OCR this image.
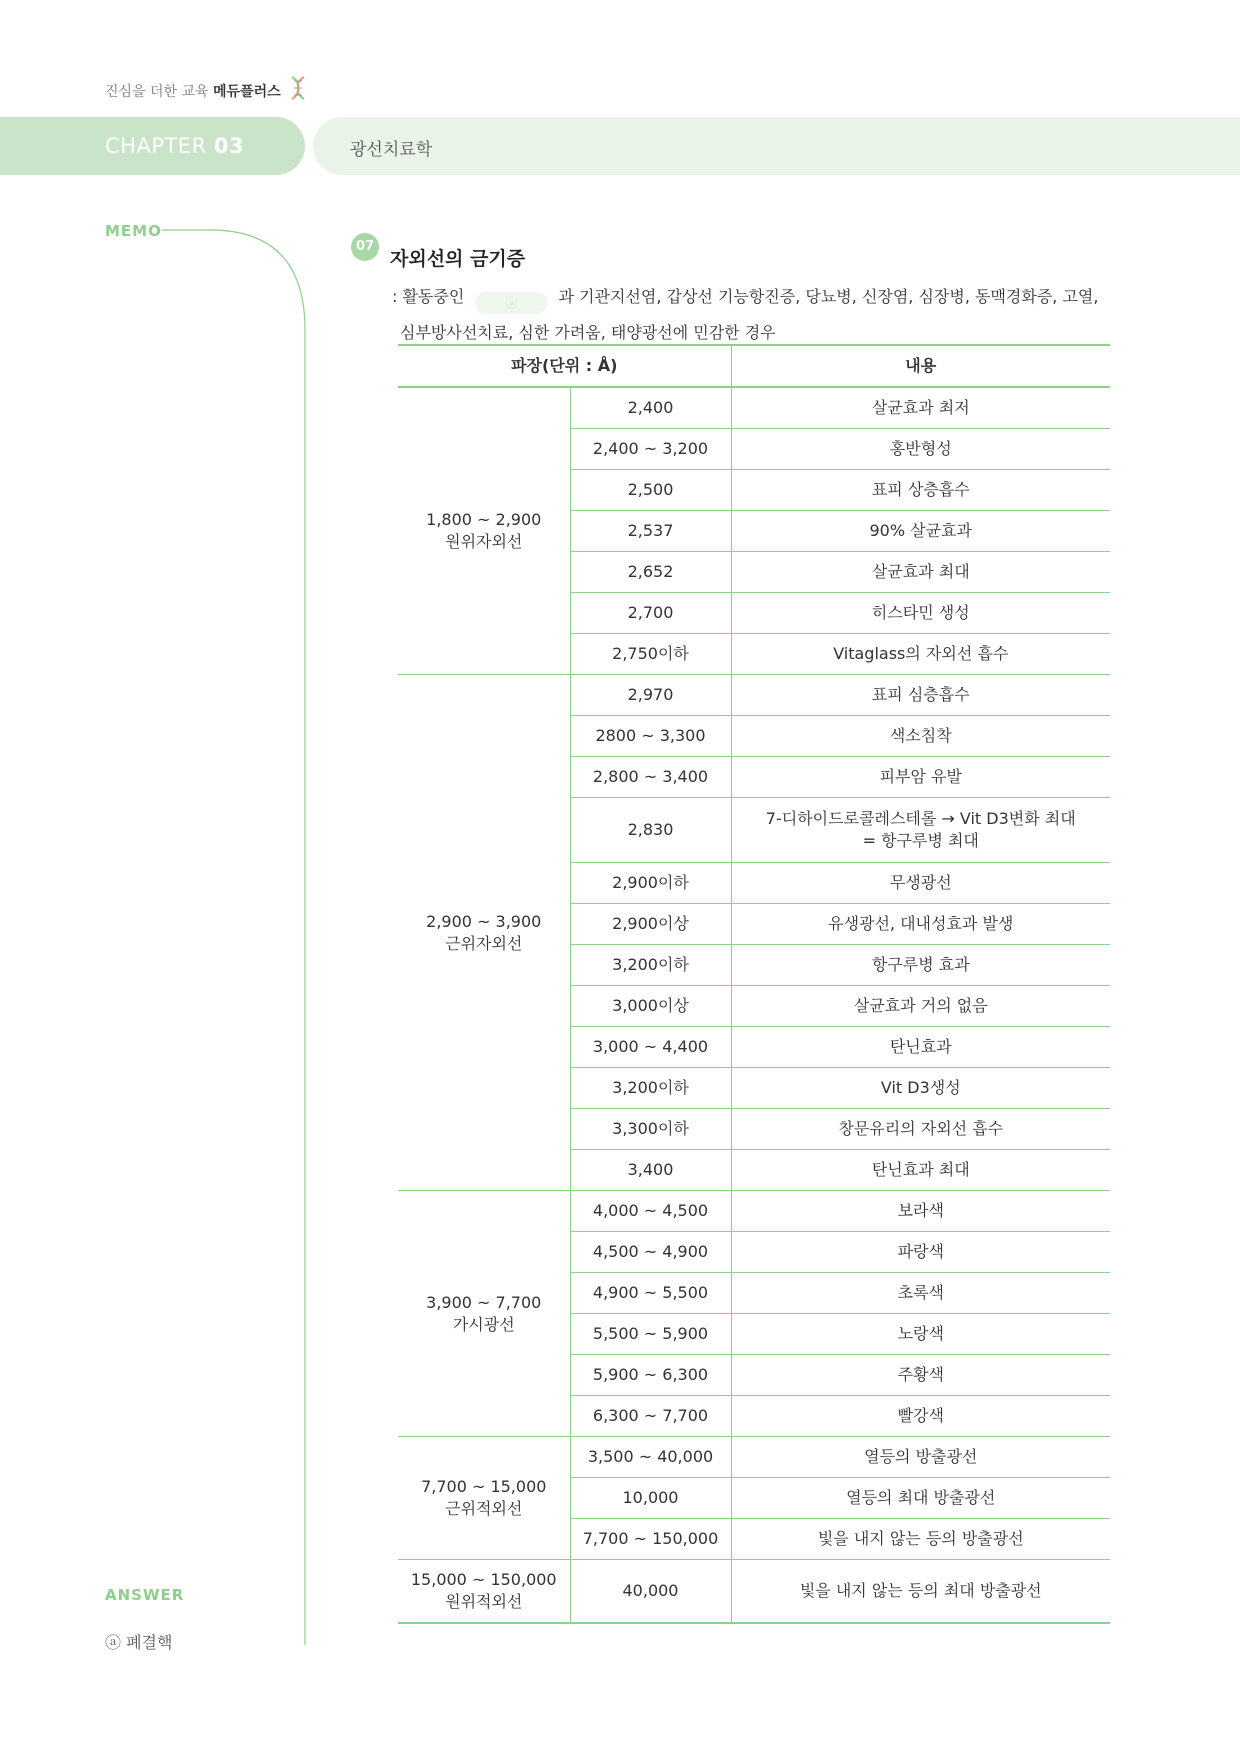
진심을 더한 교육 메듀플러스
CHAPTER 03	광선치료학
MEMO
ANSWER
ⓐ 폐결핵
07
자외선의 금기증
: 활동중인	ⓐ	과 기관지선염, 갑상선 기능항진증, 당뇨병, 신장염, 심장병, 동맥경화증, 고열,
심부방사선치료, 심한 가려움, 태양광선에 민감한 경우
파장(단위 : Å)		내용

1,800 ~ 2,900
원위자외선	2,400	살균효과 최저

	2,400 ~ 3,200	홍반형성

	2,500	표피 상층흡수

	2,537	90% 살균효과

	2,652	살균효과 최대

	2,700	히스타민 생성

	2,750이하	Vitaglass의 자외선 흡수

2,900 ~ 3,900
근위자외선	2,970	표피 심층흡수

	2800 ~ 3,300	색소침착

	2,800 ~ 3,400	피부암 유발

	2,830	7-디하이드로콜레스테롤 → Vit D3변화 최대
= 항구루병 최대

	2,900이하	무생광선

	2,900이상	유생광선, 대내성효과 발생

	3,200이하	항구루병 효과

	3,000이상	살균효과 거의 없음

	3,000 ~ 4,400	탄닌효과

	3,200이하	Vit D3생성

	3,300이하	창문유리의 자외선 흡수

	3,400	탄닌효과 최대

3,900 ~ 7,700
가시광선	4,000 ~ 4,500	보라색

	4,500 ~ 4,900	파랑색

	4,900 ~ 5,500	초록색

	5,500 ~ 5,900	노랑색

	5,900 ~ 6,300	주황색

	6,300 ~ 7,700	빨강색

7,700 ~ 15,000
근위적외선	3,500 ~ 40,000	열등의 방출광선

	10,000	열등의 최대 방출광선

	7,700 ~ 150,000	빛을 내지 않는 등의 방출광선

15,000 ~ 150,000
원위적외선	40,000	빛을 내지 않는 등의 최대 방출광선
